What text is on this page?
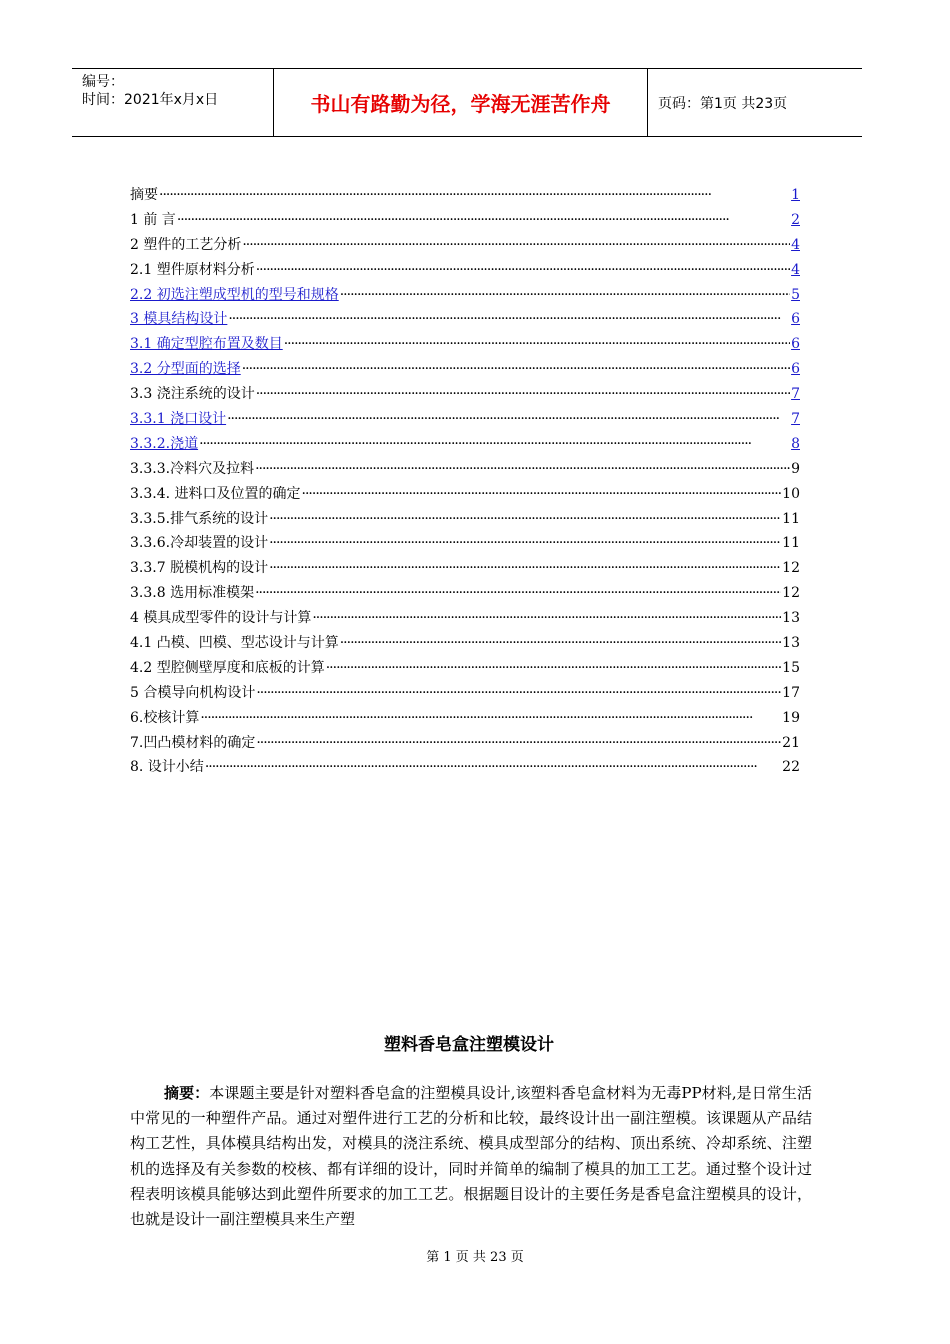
编号：
时间：2021年x月x日	书山有路勤为径，学海无涯苦作舟	页码：第1页 共23页
摘要 ·····	1
1 前 言 ·····	2
2 塑件的工艺分析 ·····	4
2.1 塑件原材料分析 ·····	4
2.2 初选注塑成型机的型号和规格 ·····	5
3 模具结构设计 ·····	6
3.1 确定型腔布置及数目 ·····	6
3.2 分型面的选择 ·····	6
3.3 浇注系统的设计 ·····	7
3.3.1 浇口设计 ·····	7
3.3.2.浇道 ·····	8
3.3.3.冷料穴及拉料 ·····	9
3.3.4. 进料口及位置的确定 ·····	10
3.3.5.排气系统的设计 ·····	11
3.3.6.冷却装置的设计 ·····	11
3.3.7 脱模机构的设计 ·····	12
3.3.8 选用标准模架 ·····	12
4 模具成型零件的设计与计算 ·····	13
4.1 凸模、凹模、型芯设计与计算 ·····	13
4.2 型腔侧壁厚度和底板的计算 ·····	15
5 合模导向机构设计 ·····	17
6.校核计算 ·····	19
7.凹凸模材料的确定 ·····	21
8. 设计小结 ·····	22
塑料香皂盒注塑模设计
摘要：本课题主要是针对塑料香皂盒的注塑模具设计,该塑料香皂盒材料为无毒PP材料,是日常生活中常见的一种塑件产品。通过对塑件进行工艺的分析和比较，最终设计出一副注塑模。该课题从产品结构工艺性，具体模具结构出发，对模具的浇注系统、模具成型部分的结构、顶出系统、冷却系统、注塑机的选择及有关参数的校核、都有详细的设计，同时并简单的编制了模具的加工工艺。通过整个设计过程表明该模具能够达到此塑件所要求的加工工艺。根据题目设计的主要任务是香皂盒注塑模具的设计，也就是设计一副注塑模具来生产塑
第 1 页 共 23 页
